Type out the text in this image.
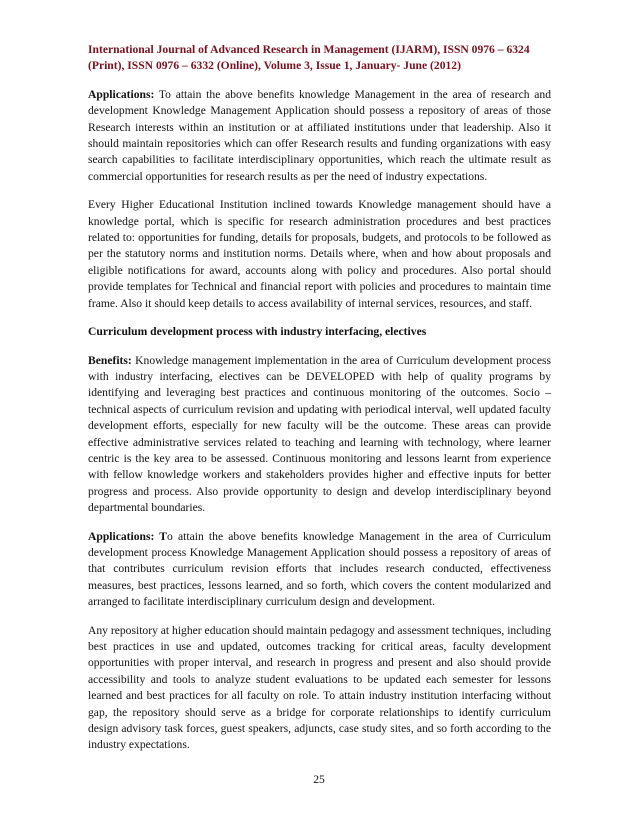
International Journal of Advanced Research in Management (IJARM), ISSN 0976 – 6324
(Print), ISSN 0976 – 6332 (Online), Volume 3, Issue 1, January- June (2012)

Applications: To attain the above benefits knowledge Management in the area of research and development Knowledge Management Application should possess a repository of areas of those Research interests within an institution or at affiliated institutions under that leadership. Also it should maintain repositories which can offer Research results and funding organizations with easy search capabilities to facilitate interdisciplinary opportunities, which reach the ultimate result as commercial opportunities for research results as per the need of industry expectations.

Every Higher Educational Institution inclined towards Knowledge management should have a knowledge portal, which is specific for research administration procedures and best practices related to: opportunities for funding, details for proposals, budgets, and protocols to be followed as per the statutory norms and institution norms. Details where, when and how about proposals and eligible notifications for award, accounts along with policy and procedures. Also portal should provide templates for Technical and financial report with policies and procedures to maintain time frame. Also it should keep details to access availability of internal services, resources, and staff.

Curriculum development process with industry interfacing, electives

Benefits: Knowledge management implementation in the area of Curriculum development process with industry interfacing, electives can be DEVELOPED with help of quality programs by identifying and leveraging best practices and continuous monitoring of the outcomes. Socio – technical aspects of curriculum revision and updating with periodical interval, well updated faculty development efforts, especially for new faculty will be the outcome. These areas can provide effective administrative services related to teaching and learning with technology, where learner centric is the key area to be assessed. Continuous monitoring and lessons learnt from experience with fellow knowledge workers and stakeholders provides higher and effective inputs for better progress and process. Also provide opportunity to design and develop interdisciplinary beyond departmental boundaries.

Applications: To attain the above benefits knowledge Management in the area of Curriculum development process Knowledge Management Application should possess a repository of areas of that contributes curriculum revision efforts that includes research conducted, effectiveness measures, best practices, lessons learned, and so forth, which covers the content modularized and arranged to facilitate interdisciplinary curriculum design and development.

Any repository at higher education should maintain pedagogy and assessment techniques, including best practices in use and updated, outcomes tracking for critical areas, faculty development opportunities with proper interval, and research in progress and present and also should provide accessibility and tools to analyze student evaluations to be updated each semester for lessons learned and best practices for all faculty on role. To attain industry institution interfacing without gap, the repository should serve as a bridge for corporate relationships to identify curriculum design advisory task forces, guest speakers, adjuncts, case study sites, and so forth according to the industry expectations.

25
